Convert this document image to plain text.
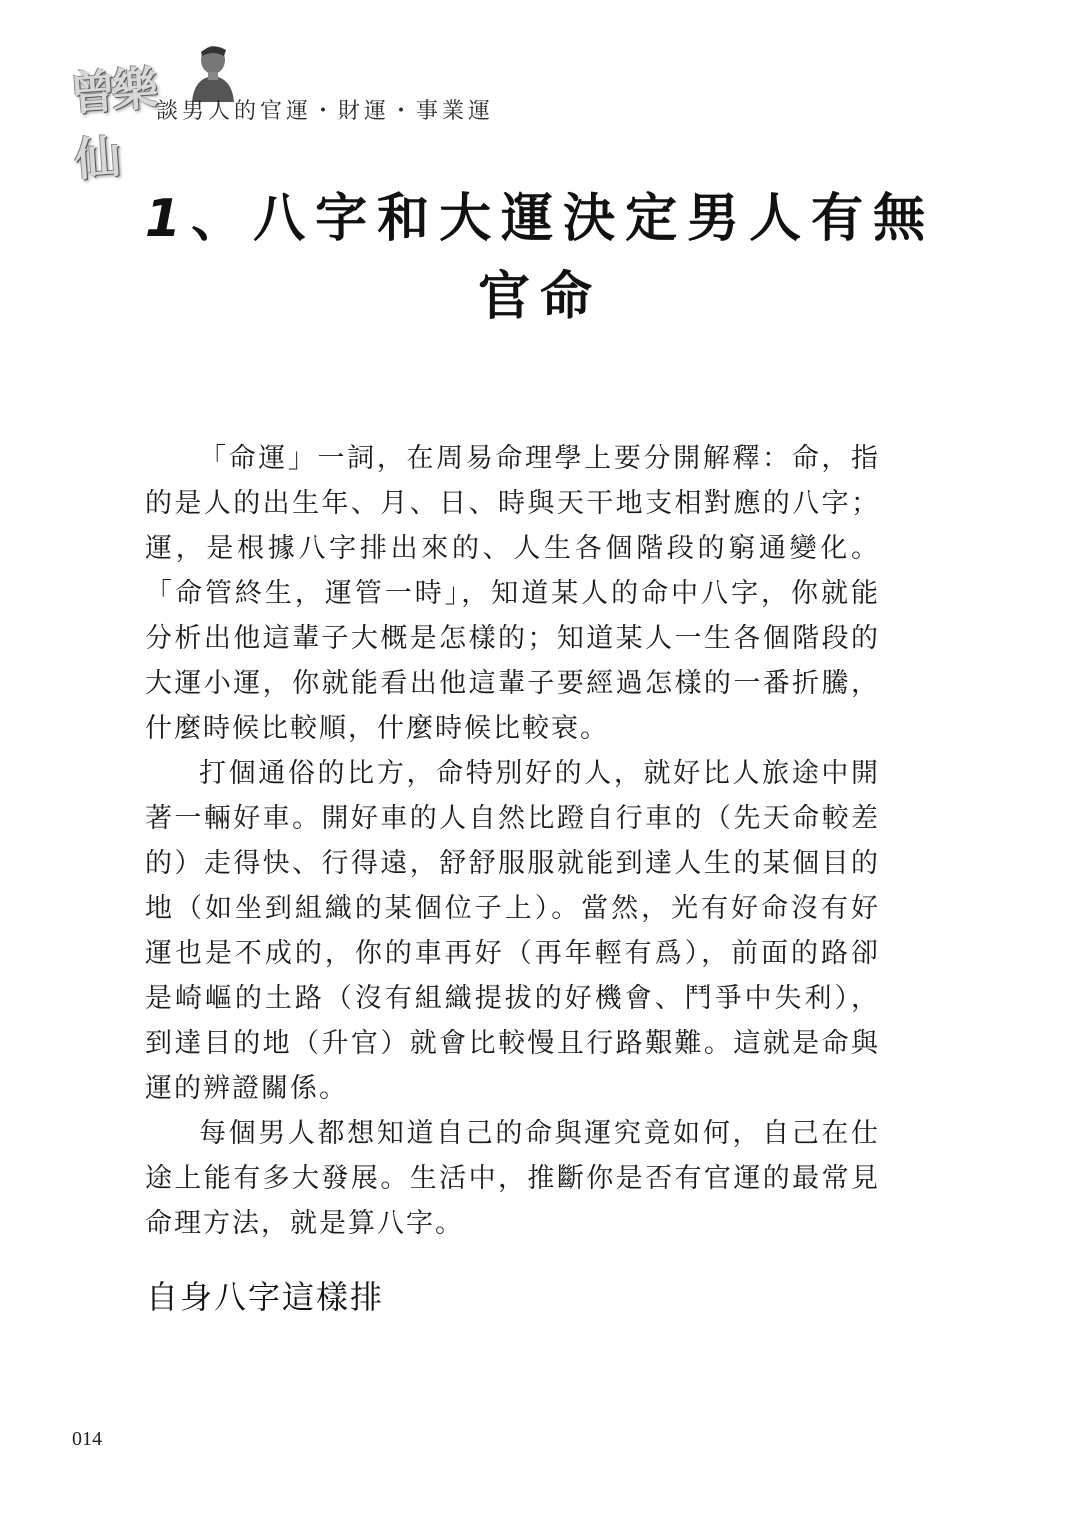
曾樂仙
談男人的官運・財運・事業運
1、八字和大運決定男人有無
官命

「命運」一詞，在周易命理學上要分開解釋：命，指的是人的出生年、月、日、時與天干地支相對應的八字；運，是根據八字排出來的、人生各個階段的窮通變化。「命管終生，運管一時」，知道某人的命中八字，你就能分析出他這輩子大概是怎樣的；知道某人一生各個階段的大運小運，你就能看出他這輩子要經過怎樣的一番折騰，什麼時候比較順，什麼時候比較衰。

打個通俗的比方，命特別好的人，就好比人旅途中開著一輛好車。開好車的人自然比蹬自行車的（先天命較差的）走得快、行得遠，舒舒服服就能到達人生的某個目的地（如坐到組織的某個位子上）。當然，光有好命沒有好運也是不成的，你的車再好（再年輕有爲），前面的路卻是崎嶇的土路（沒有組織提拔的好機會、鬥爭中失利），到達目的地（升官）就會比較慢且行路艱難。這就是命與運的辨證關係。

每個男人都想知道自己的命與運究竟如何，自己在仕途上能有多大發展。生活中，推斷你是否有官運的最常見命理方法，就是算八字。

自身八字這樣排
014
